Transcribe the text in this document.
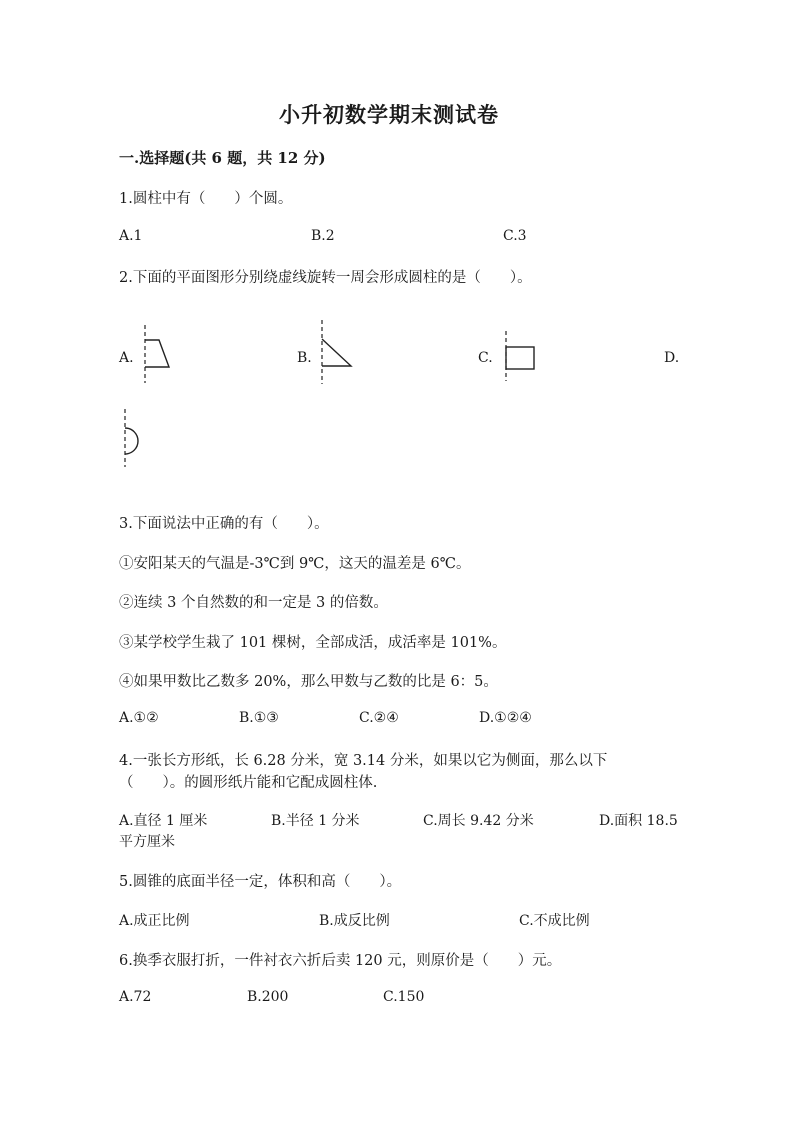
小升初数学期末测试卷
一.选择题(共 6 题，共 12 分)
1.圆柱中有（　　）个圆。
A.1	B.2	C.3
2.下面的平面图形分别绕虚线旋转一周会形成圆柱的是（　　）。
A.	B.	C.	D.
3.下面说法中正确的有（　　）。
①安阳某天的气温是-3℃到 9℃，这天的温差是 6℃。
②连续 3 个自然数的和一定是 3 的倍数。
③某学校学生栽了 101 棵树，全部成活，成活率是 101%。
④如果甲数比乙数多 20%，那么甲数与乙数的比是 6：5。
A.①②	B.①③	C.②④	D.①②④
4.一张长方形纸，长 6.28 分米，宽 3.14 分米，如果以它为侧面，那么以下
（　　）。的圆形纸片能和它配成圆柱体.
A.直径 1 厘米	B.半径 1 分米	C.周长 9.42 分米	D.面积 18.5
平方厘米
5.圆锥的底面半径一定，体积和高（　　）。
A.成正比例	B.成反比例	C.不成比例
6.换季衣服打折，一件衬衣六折后卖 120 元，则原价是（　　）元。
A.72	B.200	C.150
